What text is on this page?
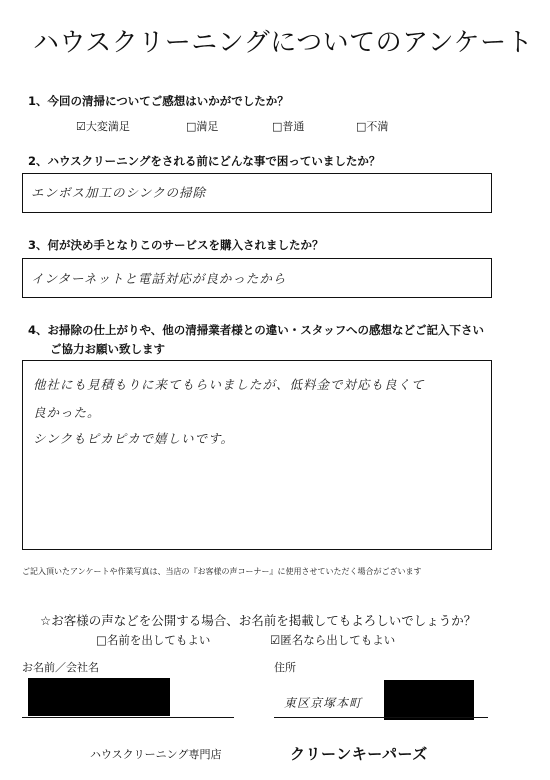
ハウスクリーニングについてのアンケート
1、今回の清掃についてご感想はいかがでしたか？
☑大変満足	□満足	□普通	□不満
2、ハウスクリーニングをされる前にどんな事で困っていましたか？
エンボス加工のシンクの掃除
3、何が決め手となりこのサービスを購入されましたか？
インターネットと電話対応が良かったから
4、お掃除の仕上がりや、他の清掃業者様との違い・スタッフへの感想などご記入下さい
ご協力お願い致します
他社にも見積もりに来てもらいましたが、低料金で対応も良くて
良かった。
シンクもピカピカで嬉しいです。
ご記入頂いたアンケートや作業写真は、当店の『お客様の声コーナー』に使用させていただく場合がございます
☆お客様の声などを公開する場合、お名前を掲載してもよろしいでしょうか？
□名前を出してもよい	☑匿名なら出してもよい
お名前／会社名	住所
東区京塚本町
ハウスクリーニング専門店	クリーンキーパーズ
